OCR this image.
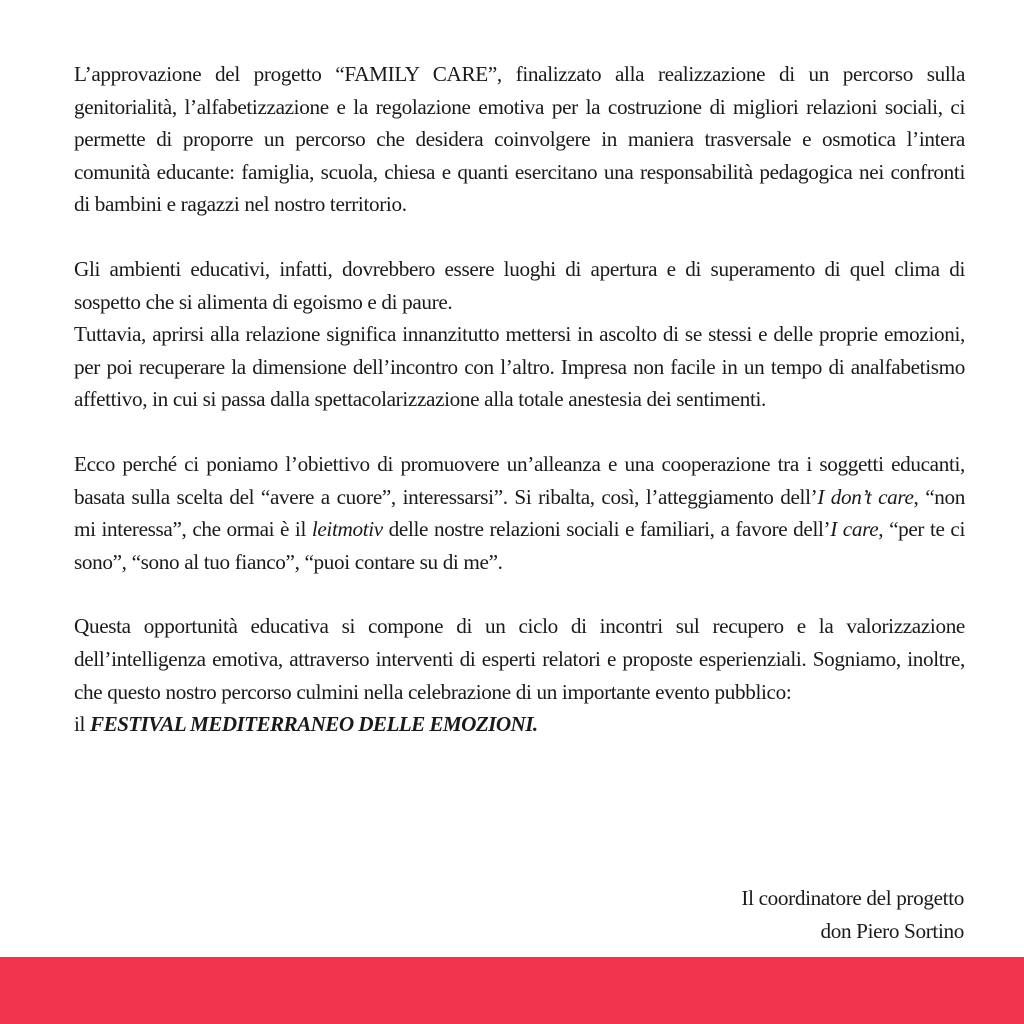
L’approvazione del progetto “FAMILY CARE”, finalizzato alla realizzazione di un percorso sulla genitorialità, l’alfabetizzazione e la regolazione emotiva per la costruzione di migliori relazioni sociali, ci permette di proporre un percorso che desidera coinvolgere in maniera trasversale e osmotica l’intera comunità educante: famiglia, scuola, chiesa e quanti esercitano una responsabilità pedagogica nei confronti di bambini e ragazzi nel nostro territorio.

Gli ambienti educativi, infatti, dovrebbero essere luoghi di apertura e di superamento di quel clima di sospetto che si alimenta di egoismo e di paure.

Tuttavia, aprirsi alla relazione significa innanzitutto mettersi in ascolto di se stessi e delle proprie emozioni, per poi recuperare la dimensione dell’incontro con l’altro. Impresa non facile in un tempo di analfabetismo affettivo, in cui si passa dalla spettacolarizzazione alla totale anestesia dei sentimenti.

Ecco perché ci poniamo l’obiettivo di promuovere un’alleanza e una cooperazione tra i soggetti educanti, basata sulla scelta del “avere a cuore”, interessarsi”. Si ribalta, così, l’atteggiamento dell’I don’t care, “non mi interessa”, che ormai è il leitmotiv delle nostre relazioni sociali e familiari, a favore dell’I care, “per te ci sono”, “sono al tuo fianco”, “puoi contare su di me”.

Questa opportunità educativa si compone di un ciclo di incontri sul recupero e la valorizzazione dell’intelligenza emotiva, attraverso interventi di esperti relatori e proposte esperienziali. Sogniamo, inoltre, che questo nostro percorso culmini nella celebrazione di un importante evento pubblico:

il FESTIVAL MEDITERRANEO DELLE EMOZIONI.

Il coordinatore del progetto
don Piero Sortino
